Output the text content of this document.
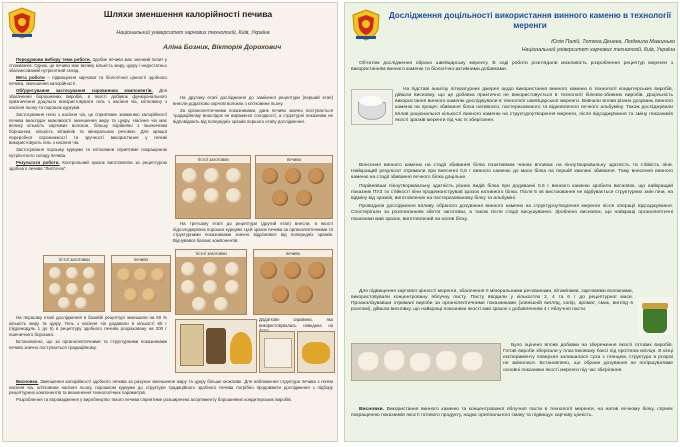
Шляхи зменшення калорійності печива
Національний університет харчових технологій, Київ, Україна
Аліна Бозник, Вікторія Дорохович

Передумови вибору теми роботи. Здобне печиво має значний попит у споживачів. Однак, це печиво має велику кількість жиру, цукру і недостатньо збалансований нутрієнтний склад.

Мета роботи – підвищення харчової та біологічної цінності здобного печива, зменшення калорійності.

Обґрунтування застосування сировинних компонентів. Для збагачення борошняних виробів, в якості добавок функціонального призначення доцільно використовувати гель з насіння чіа, клітковину з насіння льону та порошок куркуми.

Застосування гелю з насіння чіа, це сприятиме зниженню калорійності печива внаслідок можливості зменшення жиру та цукру. Насіння чіа має велику кількість харчових волокон, більшу порівняно з пшеничним борошном, кількість вітамінів та мінеральних речовин. Для кращої переробної спроможності та зручності використання у печиві використовують гель з насіння чіа.

Застосування порошку куркуми та клітковини сприятиме покращенню нутрієнтного складу печива.

Результати роботи. Контрольний зразок виготовляли за рецептурою здобного печива "Листочок".

тісто/ заготовки	печиво

На першому етапі дослідження в базовій рецептурі зменшили на 50 % кількість жиру та цукру. Гель з насіння чіа додавали в кількості 60 г (гідромодуль 1 до 6) в рецептуру здобного печива розраховану на 200 г пшеничного борошна.

Встановлено, що за органолептичними та структурними показниками печиво значно поступається традиційному.

На другому етапі дослідження до заміненої рецептури (перший етап) внесли додатково харчові волокна з клітковини льону.

За органолептичними показниками, дане печиво значно поступається традиційному внаслідок не вираженої солодкості, а структурні показники не відповідають від попередніх зразків першого етапу дослідження.

тісто/ заготовки	печиво

На третьому етапі до рецептури (другий етап) внесли, в якості підсолоджувача порошок куркуми. Цей зразок печива за органолептичними та структурними показниками значно відрізнявся від попередніх зразків. Відчувався баланс компонентів.

тісто/ заготовки	печиво

Додаткове сировина, яка використовувалась наведена на

Висновки. Зменшення калорійності здобного печива за рахунок зменшення жиру та цукру більше можливе. Для наближення структури печива з гелем насіння чіа, клітковини насіння льону, порошком куркуми до структури традиційного здобного печива потрібно продовжити дослідження з підбору рецептурних компонентів та визначення технологічних параметрів.

Розроблення та впровадження у виробництво такого печива сприятиме розширенню асортименту борошняних кондитерських виробів.

Дослідження доцільності використання винного каменю в технології меренги
Юлія Палій, Тетяна Денека, Людмила Мажинько
Національний університет харчових технологій, Київ, Україна

Об'єктом дослідження обрано швейцарську меренгу. В ході роботи розглядали можливість розроблення рецептур меренги з використанням винного каменю та біологічно-активними добавками.

На підставі аналізу літературних джерел щодо використання винного каменю в технології кондитерських виробів, дійшли висновку, що це добавка практично не використовується в технології білково-збивних виробів. Доцільність використання винного каменю досліджували в технології швейцарської меренги. Вивчали вплив різних дозувань винного каменю на процес збивання білка нативного, пастеризованого та відновленого яєчного альбуміну. Також досліджували вплив раціональної кількості винного каменю на структуроутворення меренги, після відсаджування та зміну показників якості зразків меренги під час їх зберігання.

Внесення винного каменю на стадії збивання білка позитивним чином впливає на піноутворювальну здатність та стійкість піни. Найкращий результат отримали при внесенні 0,5 г винного каменю до маси білка на першій хвилині збивання. Тому внесення винного каменю на стадії збивання яєчного білка доцільне.

Порівнявши піноутворювальну здатність різних видів білка при додаванні 0,5 г винного каменю зробили висновок, що найкращий показник ПУЗ та стійкості піни продемонстрував зразок нативного білка. Після 5 хв вистоювання не відбувається структурних змін піни, на відміну від зразків, виготовлених на пастеризованому білку та альбуміні.

Проводили дослідження впливу обраного дозування винного каменю на структуроутворення меренги після операції відсаджування. Спостерігали за розплиганням збитої заготовки, а також після стадії висушування. Зроблено висновок, що найкращі органолептичні показники мав зразок, виготовлений на натив білку.

Для підвищення харчової цінності меренги, збагачення її мінеральними речовинами, вітамінами, харчовими волокнами, використовували концентровану яблучну пасту. Пасту вводили у кількостях 2, 4 та 6 г до рецептурної маси. Проаналізувавши отримані вироби за органолептичними показниками (зовнішній вигляд, колір, аромат, смак, вигляд в розломі), дійшли висновку, що найкращі показники якості мав зразок з добавленням 4 г яблучної пасти.

Було оцінено вплив добавки на збереження якості готових виробів. Готові вироби зберігали у пластиковому боксі під протягом місяця. В кінці експерименту поверхня залишалася суха з глянцем, структура в розрізі не змінилася. Встановлено, що обране дозування не погіршуватиме основні показники якості меренги під час зберігання.

Висновки. Використання винного каменю та концентрованої яблучної пасти в технології меренги, на натив яєчному білку, сприяє покращенню показників якості готового продукту, надає оригінального смаку та підвищує харчову цінність.
